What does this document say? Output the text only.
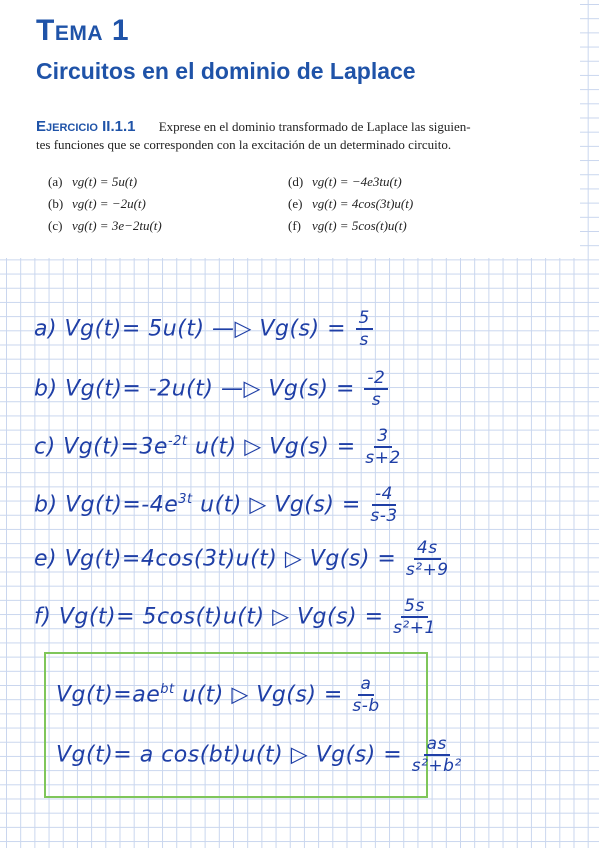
Tema 1
Circuitos en el dominio de Laplace
Ejercicio II.1.1 Exprese en el dominio transformado de Laplace las siguien-
tes funciones que se corresponden con la excitación de un determinado circuito.
(a) vg(t) = 5u(t)
(b) vg(t) = −2u(t)
(c) vg(t) = 3e−2tu(t)
(d) vg(t) = −4e3tu(t)
(e) vg(t) = 4cos(3t)u(t)
(f) vg(t) = 5cos(t)u(t)
a) Vg(t)= 5u(t) —▷ $Vg(s) = \frac{5}{s}$
b) Vg(t)= -2u(t) —▷ $Vg(s) = \frac{-2}{s}$
c) $Vg(t)=3e^{-2t}$ u(t) ▷ $Vg(s) = \frac{3}{s+2}$
b) $Vg(t)=-4e^{3t}$ u(t) ▷ $Vg(s) = \frac{-4}{s-3}$
e) Vg(t)=4cos(3t)u(t) ▷ $Vg(s) = \frac{4s}{\text{s²+9}}$
f) Vg(t)= 5cos(t)u(t) ▷ $Vg(s) = \frac{5s}{\text{s²+1}}$
$Vg(t)=ae^{bt}$ u(t) ▷ $Vg(s) = \frac{a}{s-b}$
Vg(t)= a cos(bt)u(t) ▷ $Vg(s) = \frac{as}{\text{s²+b²}}$
